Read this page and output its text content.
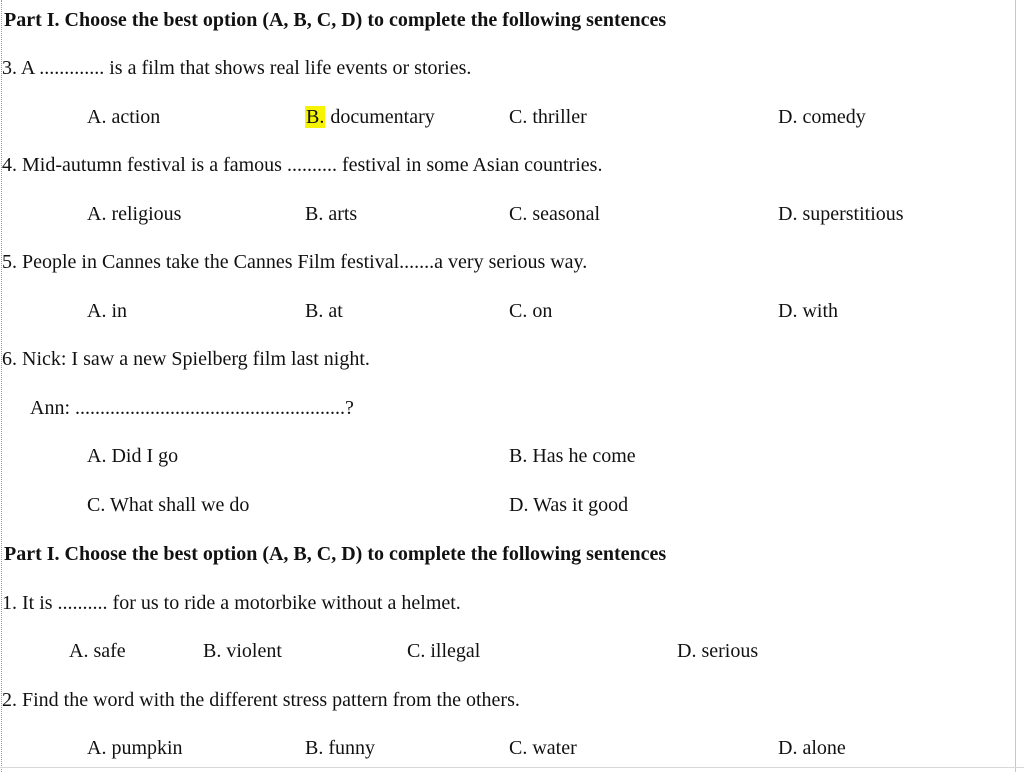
Part I. Choose the best option (A, B, C, D) to complete the following sentences
3. A ............. is a film that shows real life events or stories.
A. action	B. documentary	C. thriller	D. comedy
4. Mid-autumn festival is a famous .......... festival in some Asian countries.
A. religious	B. arts	C. seasonal	D. superstitious
5. People in Cannes take the Cannes Film festival.......a very serious way.
A. in	B. at	C. on	D. with
6. Nick: I saw a new Spielberg film last night.
Ann: ......................................................?
A. Did I go	B. Has he come
C. What shall we do	D. Was it good
Part I. Choose the best option (A, B, C, D) to complete the following sentences
1. It is .......... for us to ride a motorbike without a helmet.
A. safe	B. violent	C. illegal	D. serious
2. Find the word with the different stress pattern from the others.
A. pumpkin	B. funny	C. water	D. alone
